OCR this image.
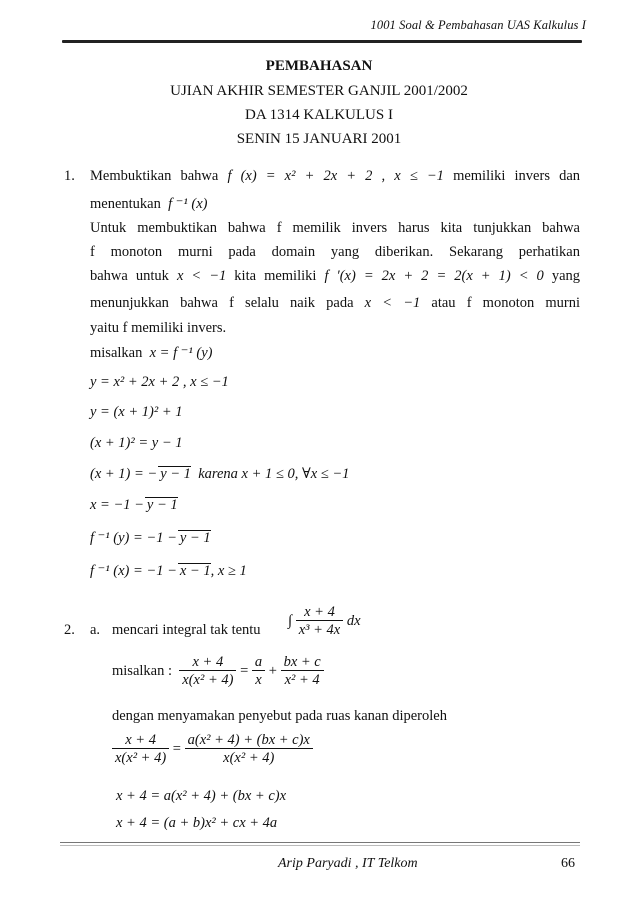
1001 Soal & Pembahasan UAS Kalkulus I
PEMBAHASAN
UJIAN AKHIR SEMESTER GANJIL 2001/2002
DA 1314 KALKULUS I
SENIN 15 JANUARI 2001
1. Membuktikan bahwa f (x) = x² + 2x + 2 , x ≤ −1 memiliki invers dan
menentukan f ⁻¹ (x)
Untuk membuktikan bahwa f memilik invers harus kita tunjukkan bahwa
f monoton murni pada domain yang diberikan. Sekarang perhatikan
bahwa untuk x < −1 kita memiliki f ′(x) = 2x + 2 = 2(x + 1) < 0 yang
menunjukkan bahwa f selalu naik pada x < −1 atau f monoton murni
yaitu f memiliki invers.
misalkan x = f ⁻¹ (y)
y = x² + 2x + 2 , x ≤ −1
y = (x + 1)² + 1
(x + 1)² = y − 1
(x + 1) = − y − 1 karena x + 1 ≤ 0, ∀x ≤ −1
x = −1 − y − 1
f ⁻¹ (y) = −1 − y − 1
f ⁻¹ (x) = −1 − x − 1, x ≥ 1
2. a. mencari integral tak tentu
∫ $\frac{x + 4}{\text{x³ + 4x}}$ dx
misalkan : $\frac{x + 4}{\text{x(x² + 4)}} = \frac{a}{x} + \frac{bx + c}{\text{x² + 4}}$
dengan menyamakan penyebut pada ruas kanan diperoleh
$\frac{x + 4}{\text{x(x² + 4)}} = \frac{\text{a(x² + 4) + (bx + c)x}}{\text{x(x² + 4)}}$
x + 4 = a(x² + 4) + (bx + c)x
x + 4 = (a + b)x² + cx + 4a
Arip Paryadi , IT Telkom	66
